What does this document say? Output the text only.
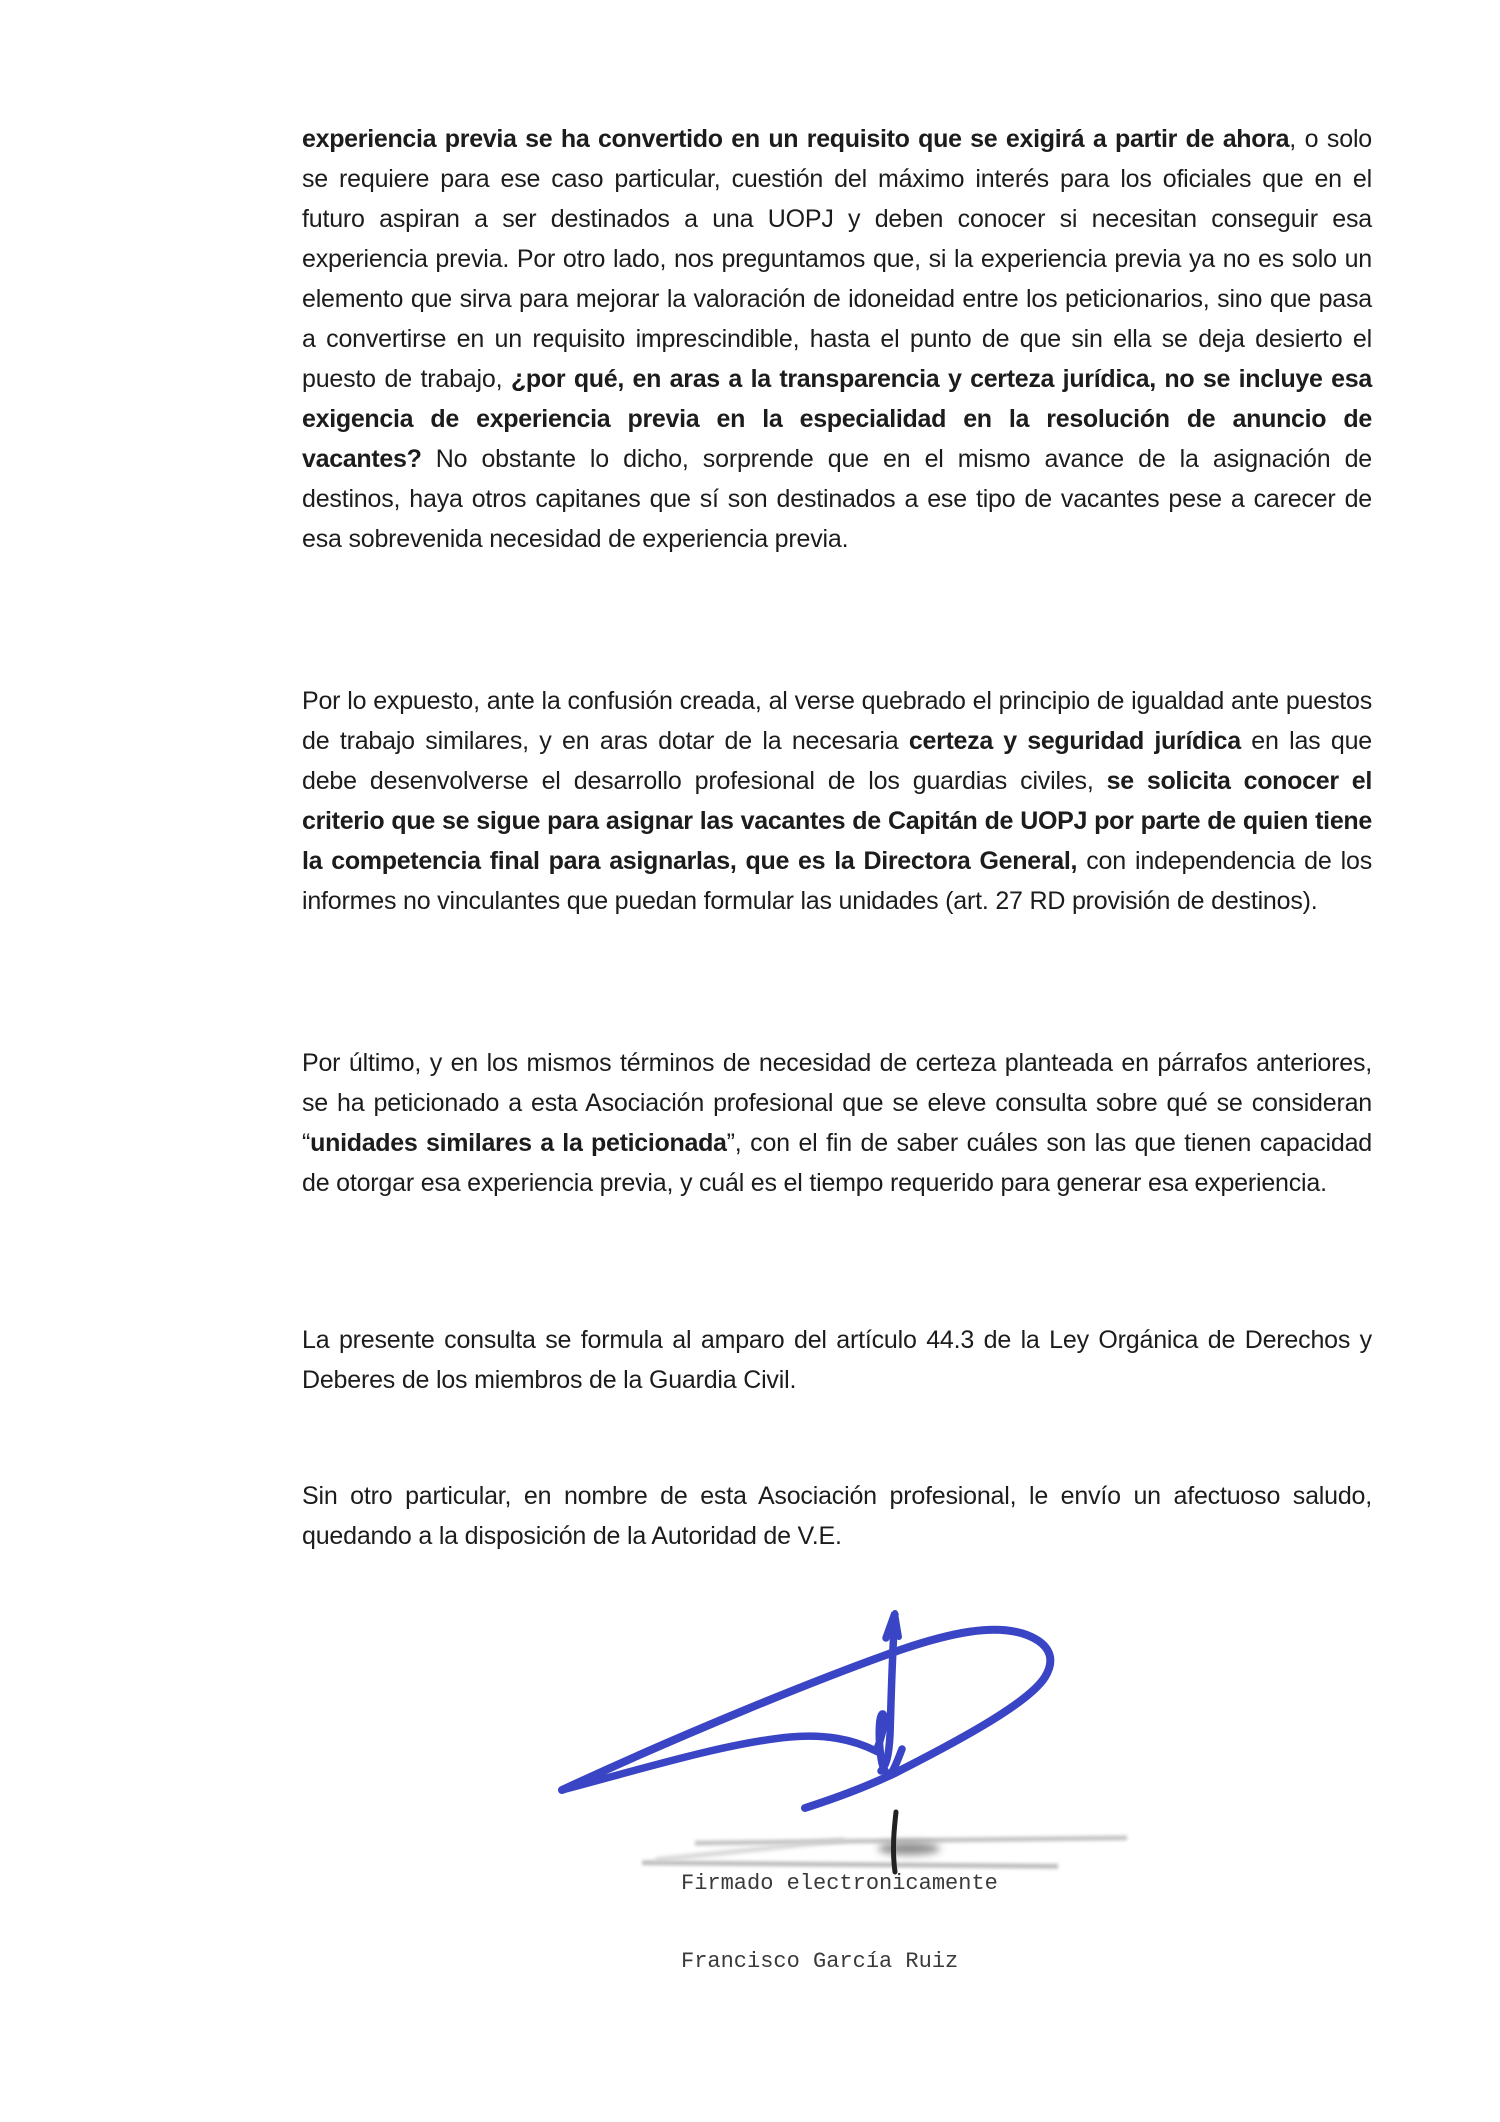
experiencia previa se ha convertido en un requisito que se exigirá a partir de ahora, o solo se requiere para ese caso particular, cuestión del máximo interés para los oficiales que en el futuro aspiran a ser destinados a una UOPJ y deben conocer si necesitan conseguir esa experiencia previa. Por otro lado, nos preguntamos que, si la experiencia previa ya no es solo un elemento que sirva para mejorar la valoración de idoneidad entre los peticionarios, sino que pasa a convertirse en un requisito imprescindible, hasta el punto de que sin ella se deja desierto el puesto de trabajo, ¿por qué, en aras a la transparencia y certeza jurídica, no se incluye esa exigencia de experiencia previa en la especialidad en la resolución de anuncio de vacantes? No obstante lo dicho, sorprende que en el mismo avance de la asignación de destinos, haya otros capitanes que sí son destinados a ese tipo de vacantes pese a carecer de esa sobrevenida necesidad de experiencia previa.

Por lo expuesto, ante la confusión creada, al verse quebrado el principio de igualdad ante puestos de trabajo similares, y en aras dotar de la necesaria certeza y seguridad jurídica en las que debe desenvolverse el desarrollo profesional de los guardias civiles, se solicita conocer el criterio que se sigue para asignar las vacantes de Capitán de UOPJ por parte de quien tiene la competencia final para asignarlas, que es la Directora General, con independencia de los informes no vinculantes que puedan formular las unidades (art. 27 RD provisión de destinos).

Por último, y en los mismos términos de necesidad de certeza planteada en párrafos anteriores, se ha peticionado a esta Asociación profesional que se eleve consulta sobre qué se consideran “unidades similares a la peticionada”, con el fin de saber cuáles son las que tienen capacidad de otorgar esa experiencia previa, y cuál es el tiempo requerido para generar esa experiencia.

La presente consulta se formula al amparo del artículo 44.3 de la Ley Orgánica de Derechos y Deberes de los miembros de la Guardia Civil.

Sin otro particular, en nombre de esta Asociación profesional, le envío un afectuoso saludo, quedando a la disposición de la Autoridad de V.E.

Firmado electronicamente

Francisco García Ruiz
